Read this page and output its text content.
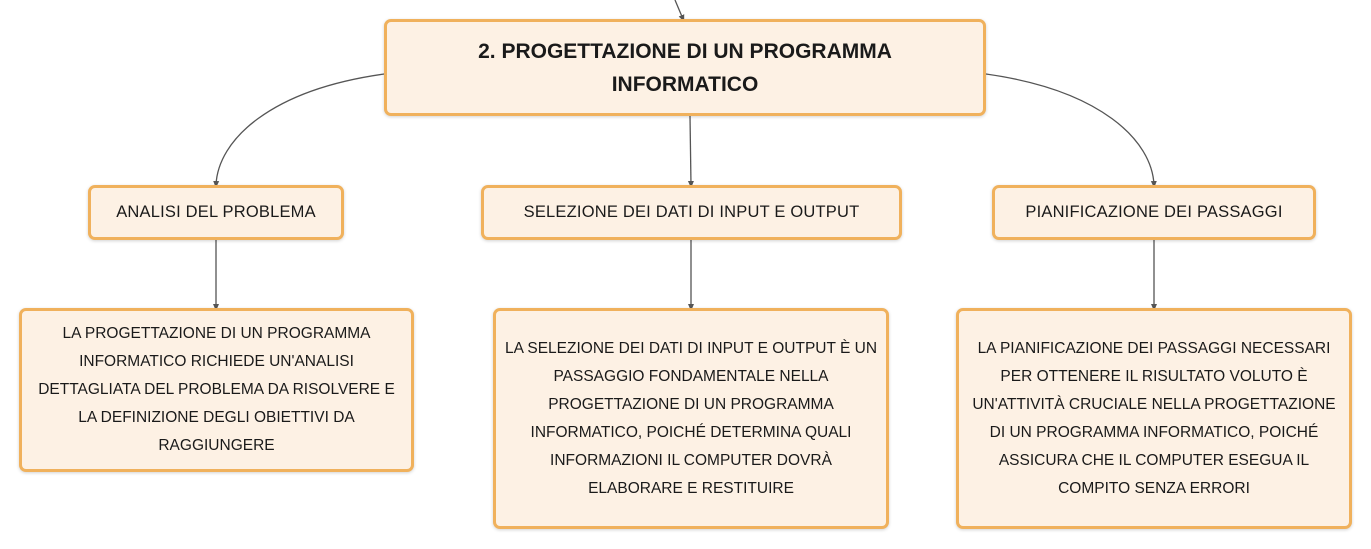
2. PROGETTAZIONE DI UN PROGRAMMA INFORMATICO
ANALISI DEL PROBLEMA	SELEZIONE DEI DATI DI INPUT E OUTPUT	PIANIFICAZIONE DEI PASSAGGI
LA PROGETTAZIONE DI UN PROGRAMMA INFORMATICO RICHIEDE UN'ANALISI DETTAGLIATA DEL PROBLEMA DA RISOLVERE E LA DEFINIZIONE DEGLI OBIETTIVI DA RAGGIUNGERE
LA SELEZIONE DEI DATI DI INPUT E OUTPUT È UN PASSAGGIO FONDAMENTALE NELLA PROGETTAZIONE DI UN PROGRAMMA INFORMATICO, POICHÉ DETERMINA QUALI INFORMAZIONI IL COMPUTER DOVRÀ ELABORARE E RESTITUIRE
LA PIANIFICAZIONE DEI PASSAGGI NECESSARI PER OTTENERE IL RISULTATO VOLUTO È UN'ATTIVITÀ CRUCIALE NELLA PROGETTAZIONE DI UN PROGRAMMA INFORMATICO, POICHÉ ASSICURA CHE IL COMPUTER ESEGUA IL COMPITO SENZA ERRORI
